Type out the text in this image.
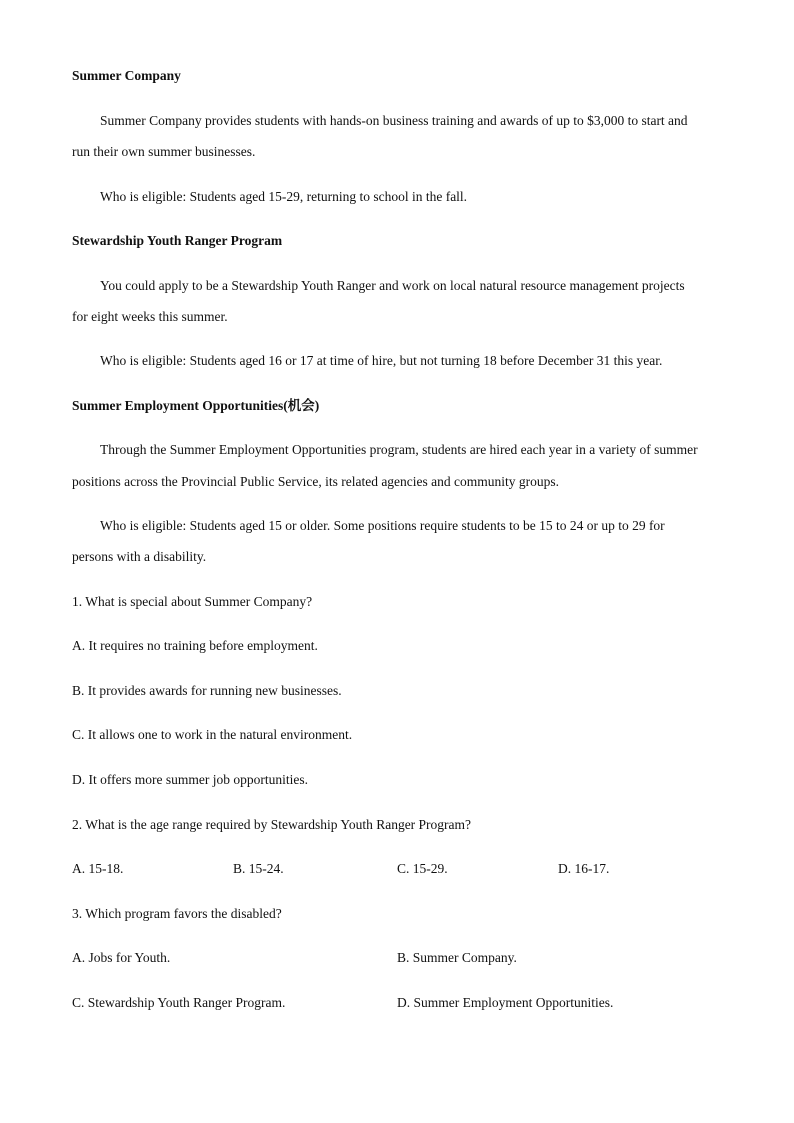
Summer Company
Summer Company provides students with hands-on business training and awards of up to $3,000 to start and
run their own summer businesses.
Who is eligible: Students aged 15-29, returning to school in the fall.
Stewardship Youth Ranger Program
You could apply to be a Stewardship Youth Ranger and work on local natural resource management projects
for eight weeks this summer.
Who is eligible: Students aged 16 or 17 at time of hire, but not turning 18 before December 31 this year.
Summer Employment Opportunities(机会)
Through the Summer Employment Opportunities program, students are hired each year in a variety of summer
positions across the Provincial Public Service, its related agencies and community groups.
Who is eligible: Students aged 15 or older. Some positions require students to be 15 to 24 or up to 29 for
persons with a disability.
1. What is special about Summer Company?
A. It requires no training before employment.
B. It provides awards for running new businesses.
C. It allows one to work in the natural environment.
D. It offers more summer job opportunities.
2. What is the age range required by Stewardship Youth Ranger Program?
A. 15-18.	B. 15-24.	C. 15-29.	D. 16-17.
3. Which program favors the disabled?
A. Jobs for Youth.	B. Summer Company.
C. Stewardship Youth Ranger Program.	D. Summer Employment Opportunities.
